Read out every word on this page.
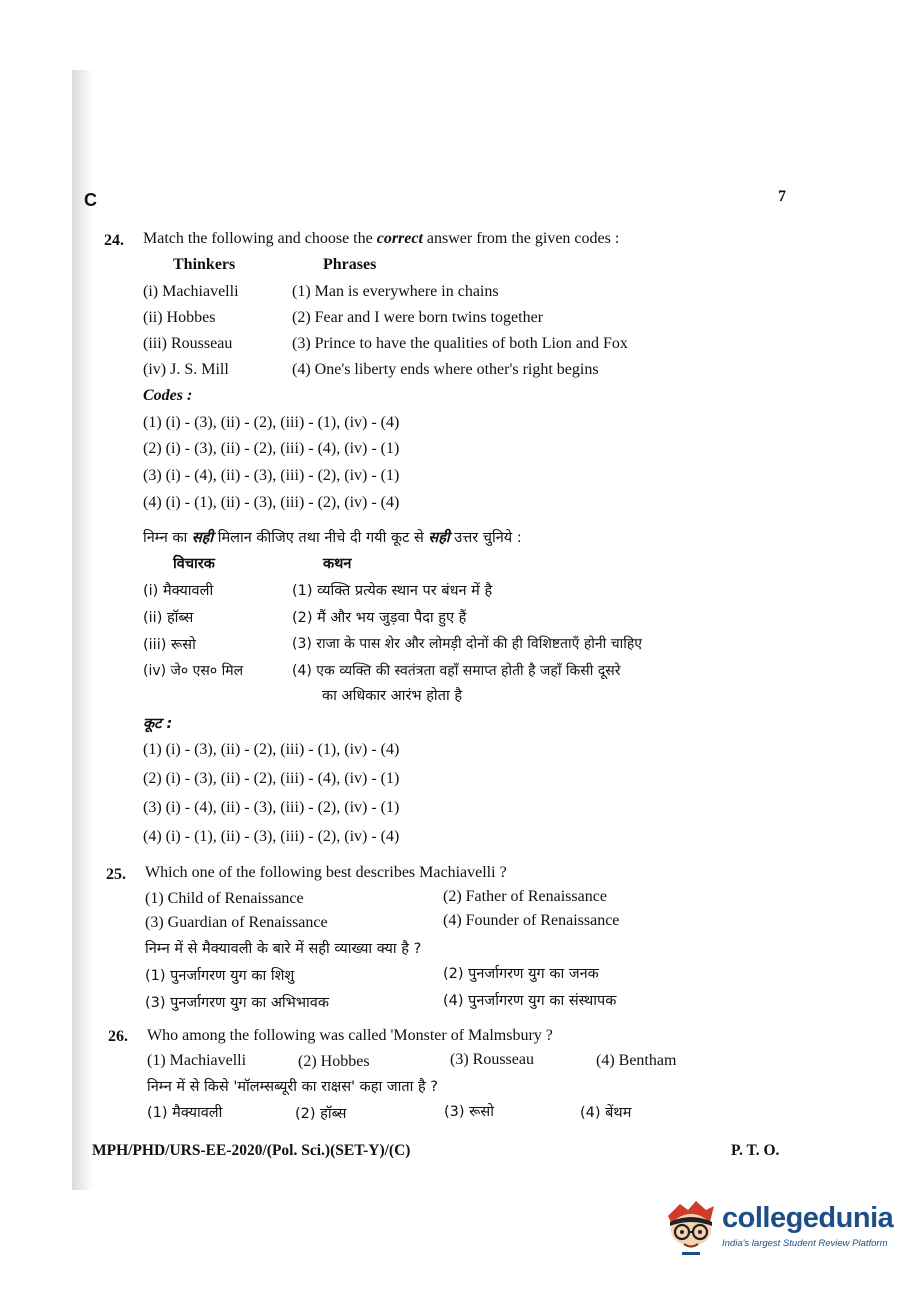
C	7
24. Match the following and choose the correct answer from the given codes :
Thinkers	Phrases
(i) Machiavelli	(1) Man is everywhere in chains
(ii) Hobbes	(2) Fear and I were born twins together
(iii) Rousseau	(3) Prince to have the qualities of both Lion and Fox
(iv) J. S. Mill	(4) One's liberty ends where other's right begins
Codes :
(1) (i) - (3), (ii) - (2), (iii) - (1), (iv) - (4)
(2) (i) - (3), (ii) - (2), (iii) - (4), (iv) - (1)
(3) (i) - (4), (ii) - (3), (iii) - (2), (iv) - (1)
(4) (i) - (1), (ii) - (3), (iii) - (2), (iv) - (4)
निम्न का सही मिलान कीजिए तथा नीचे दी गयी कूट से सही उत्तर चुनिये :
विचारक	कथन
(i) मैक्यावली	(1) व्यक्ति प्रत्येक स्थान पर बंधन में है
(ii) हॉब्स	(2) मैं और भय जुड़वा पैदा हुए हैं
(iii) रूसो	(3) राजा के पास शेर और लोमड़ी दोनों की ही विशिष्टताएँ होनी चाहिए
(iv) जे० एस० मिल	(4) एक व्यक्ति की स्वतंत्रता वहाँ समाप्त होती है जहाँ किसी दूसरे
का अधिकार आरंभ होता है
कूट :
(1) (i) - (3), (ii) - (2), (iii) - (1), (iv) - (4)
(2) (i) - (3), (ii) - (2), (iii) - (4), (iv) - (1)
(3) (i) - (4), (ii) - (3), (iii) - (2), (iv) - (1)
(4) (i) - (1), (ii) - (3), (iii) - (2), (iv) - (4)
25. Which one of the following best describes Machiavelli ?
(1) Child of Renaissance	(2) Father of Renaissance
(3) Guardian of Renaissance	(4) Founder of Renaissance
निम्न में से मैक्यावली के बारे में सही व्याख्या क्या है ?
(1) पुनर्जागरण युग का शिशु	(2) पुनर्जागरण युग का जनक
(3) पुनर्जागरण युग का अभिभावक	(4) पुनर्जागरण युग का संस्थापक
26. Who among the following was called 'Monster of Malmsbury ?
(1) Machiavelli	(2) Hobbes	(3) Rousseau	(4) Bentham
निम्न में से किसे 'मॉलम्सब्यूरी का राक्षस' कहा जाता है ?
(1) मैक्यावली	(2) हॉब्स	(3) रूसो	(4) बेंथम
MPH/PHD/URS-EE-2020/(Pol. Sci.)(SET-Y)/(C)	P. T. O.
collegedunia
India's largest Student Review Platform
